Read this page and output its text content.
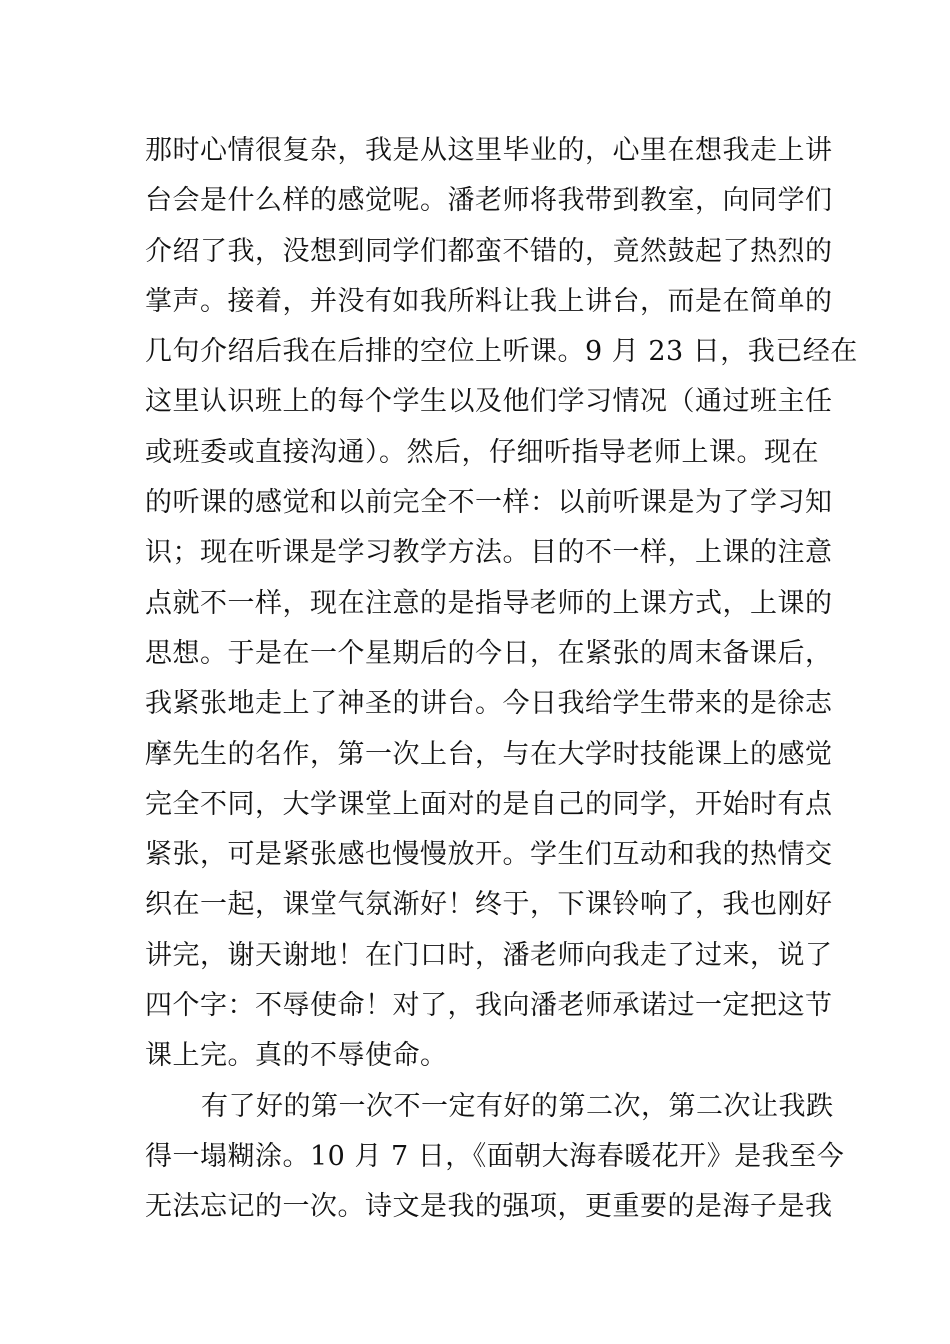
那时心情很复杂，我是从这里毕业的，心里在想我走上讲
台会是什么样的感觉呢。潘老师将我带到教室，向同学们
介绍了我，没想到同学们都蛮不错的，竟然鼓起了热烈的
掌声。接着，并没有如我所料让我上讲台，而是在简单的
几句介绍后我在后排的空位上听课。9 月 23 日，我已经在
这里认识班上的每个学生以及他们学习情况（通过班主任
或班委或直接沟通）。然后，仔细听指导老师上课。现在
的听课的感觉和以前完全不一样：以前听课是为了学习知
识；现在听课是学习教学方法。目的不一样，上课的注意
点就不一样，现在注意的是指导老师的上课方式，上课的
思想。于是在一个星期后的今日，在紧张的周末备课后，
我紧张地走上了神圣的讲台。今日我给学生带来的是徐志
摩先生的名作，第一次上台，与在大学时技能课上的感觉
完全不同，大学课堂上面对的是自己的同学，开始时有点
紧张，可是紧张感也慢慢放开。学生们互动和我的热情交
织在一起，课堂气氛渐好！终于，下课铃响了，我也刚好
讲完，谢天谢地！在门口时，潘老师向我走了过来，说了
四个字：不辱使命！对了，我向潘老师承诺过一定把这节
课上完。真的不辱使命。
有了好的第一次不一定有好的第二次，第二次让我跌
得一塌糊涂。10 月 7 日，《面朝大海春暖花开》是我至今
无法忘记的一次。诗文是我的强项，更重要的是海子是我
